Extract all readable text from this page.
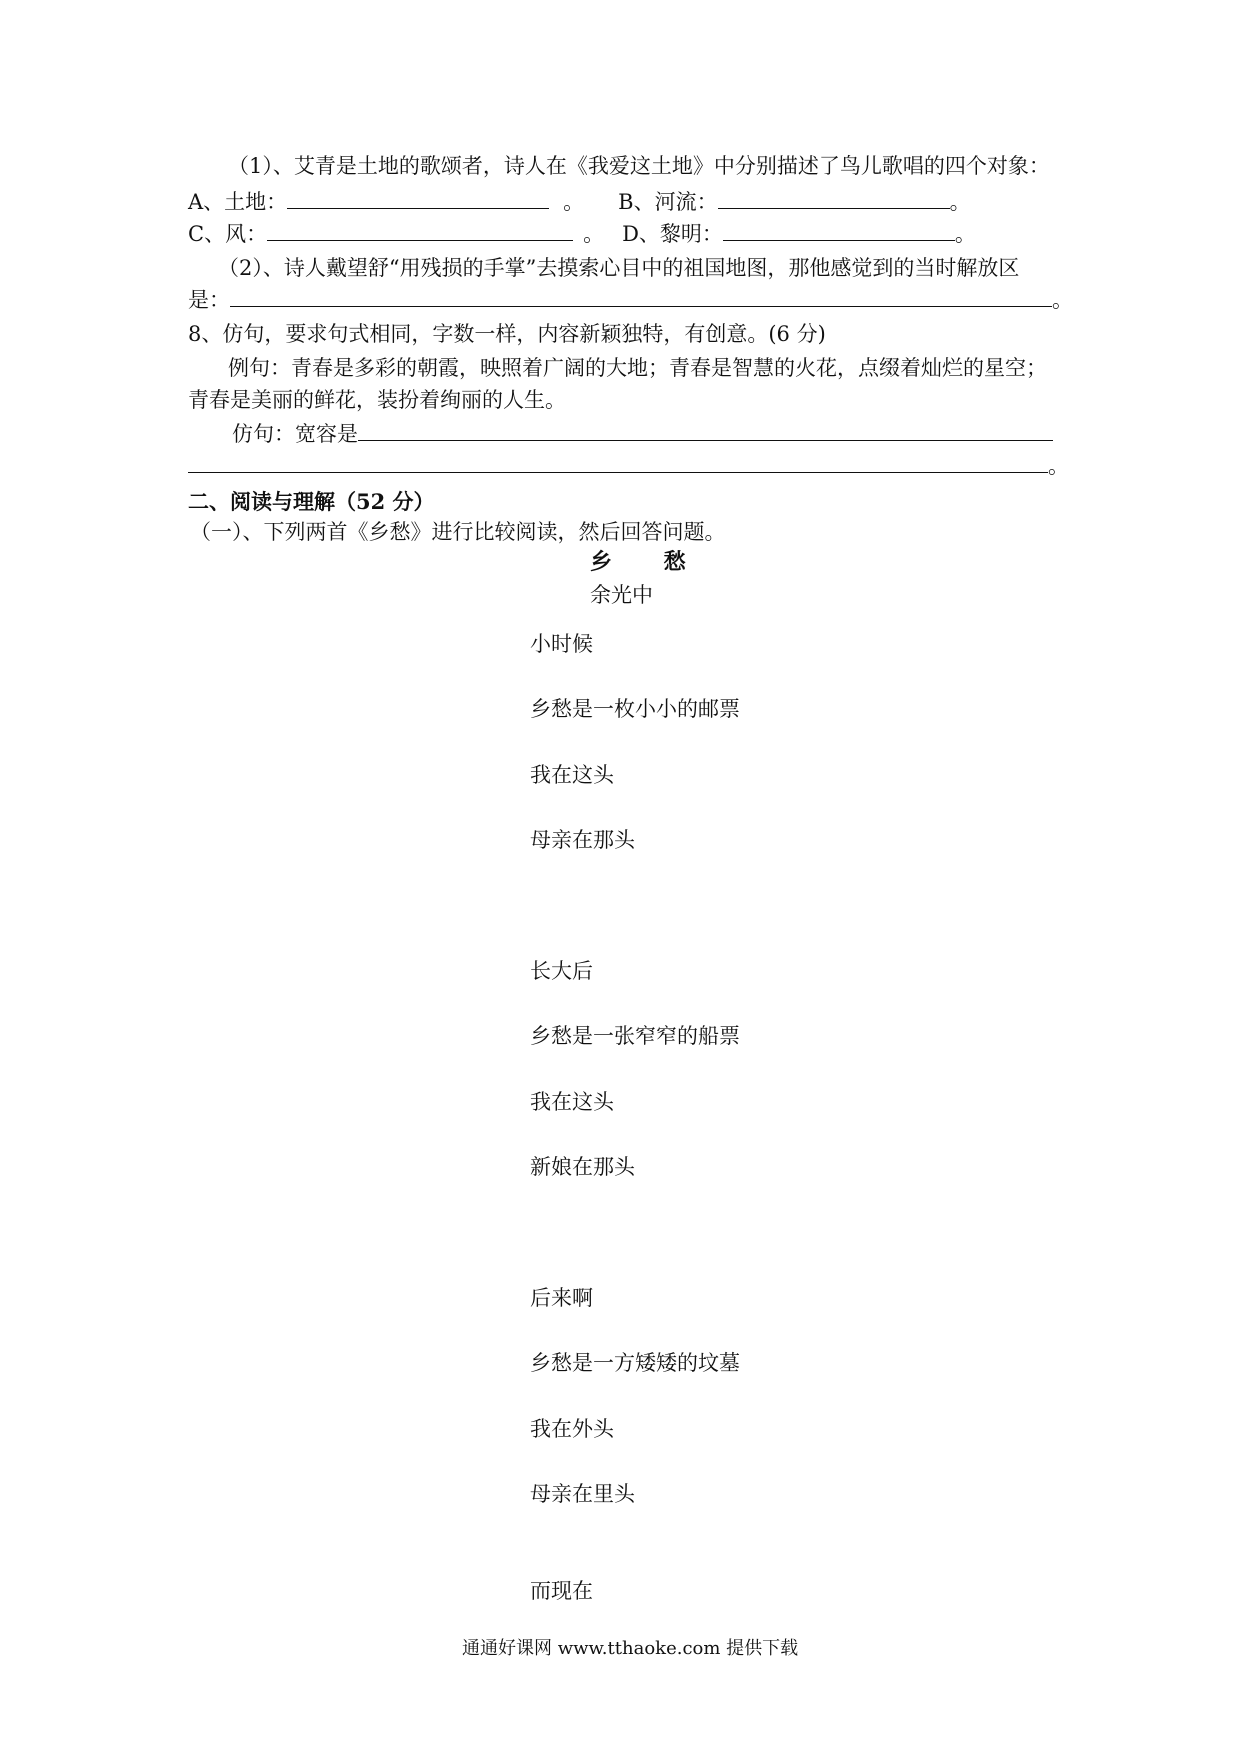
（1）、艾青是土地的歌颂者，诗人在《我爱这土地》中分别描述了鸟儿歌唱的四个对象：
A、土地：	。 B、河流：	。
C、风：	。 D、黎明：	。
（2）、诗人戴望舒“用残损的手掌”去摸索心目中的祖国地图，那他感觉到的当时解放区
是：	。
8、仿句，要求句式相同，字数一样，内容新颖独特，有创意。(6 分)
例句：青春是多彩的朝霞，映照着广阔的大地；青春是智慧的火花，点缀着灿烂的星空；
青春是美丽的鲜花，装扮着绚丽的人生。
仿句：宽容是
。
二、阅读与理解（52 分）
（一）、下列两首《乡愁》进行比较阅读，然后回答问题。
乡 愁
余光中
小时候
乡愁是一枚小小的邮票
我在这头
母亲在那头
长大后
乡愁是一张窄窄的船票
我在这头
新娘在那头
后来啊
乡愁是一方矮矮的坟墓
我在外头
母亲在里头
而现在
通通好课网 www.tthaoke.com 提供下载
